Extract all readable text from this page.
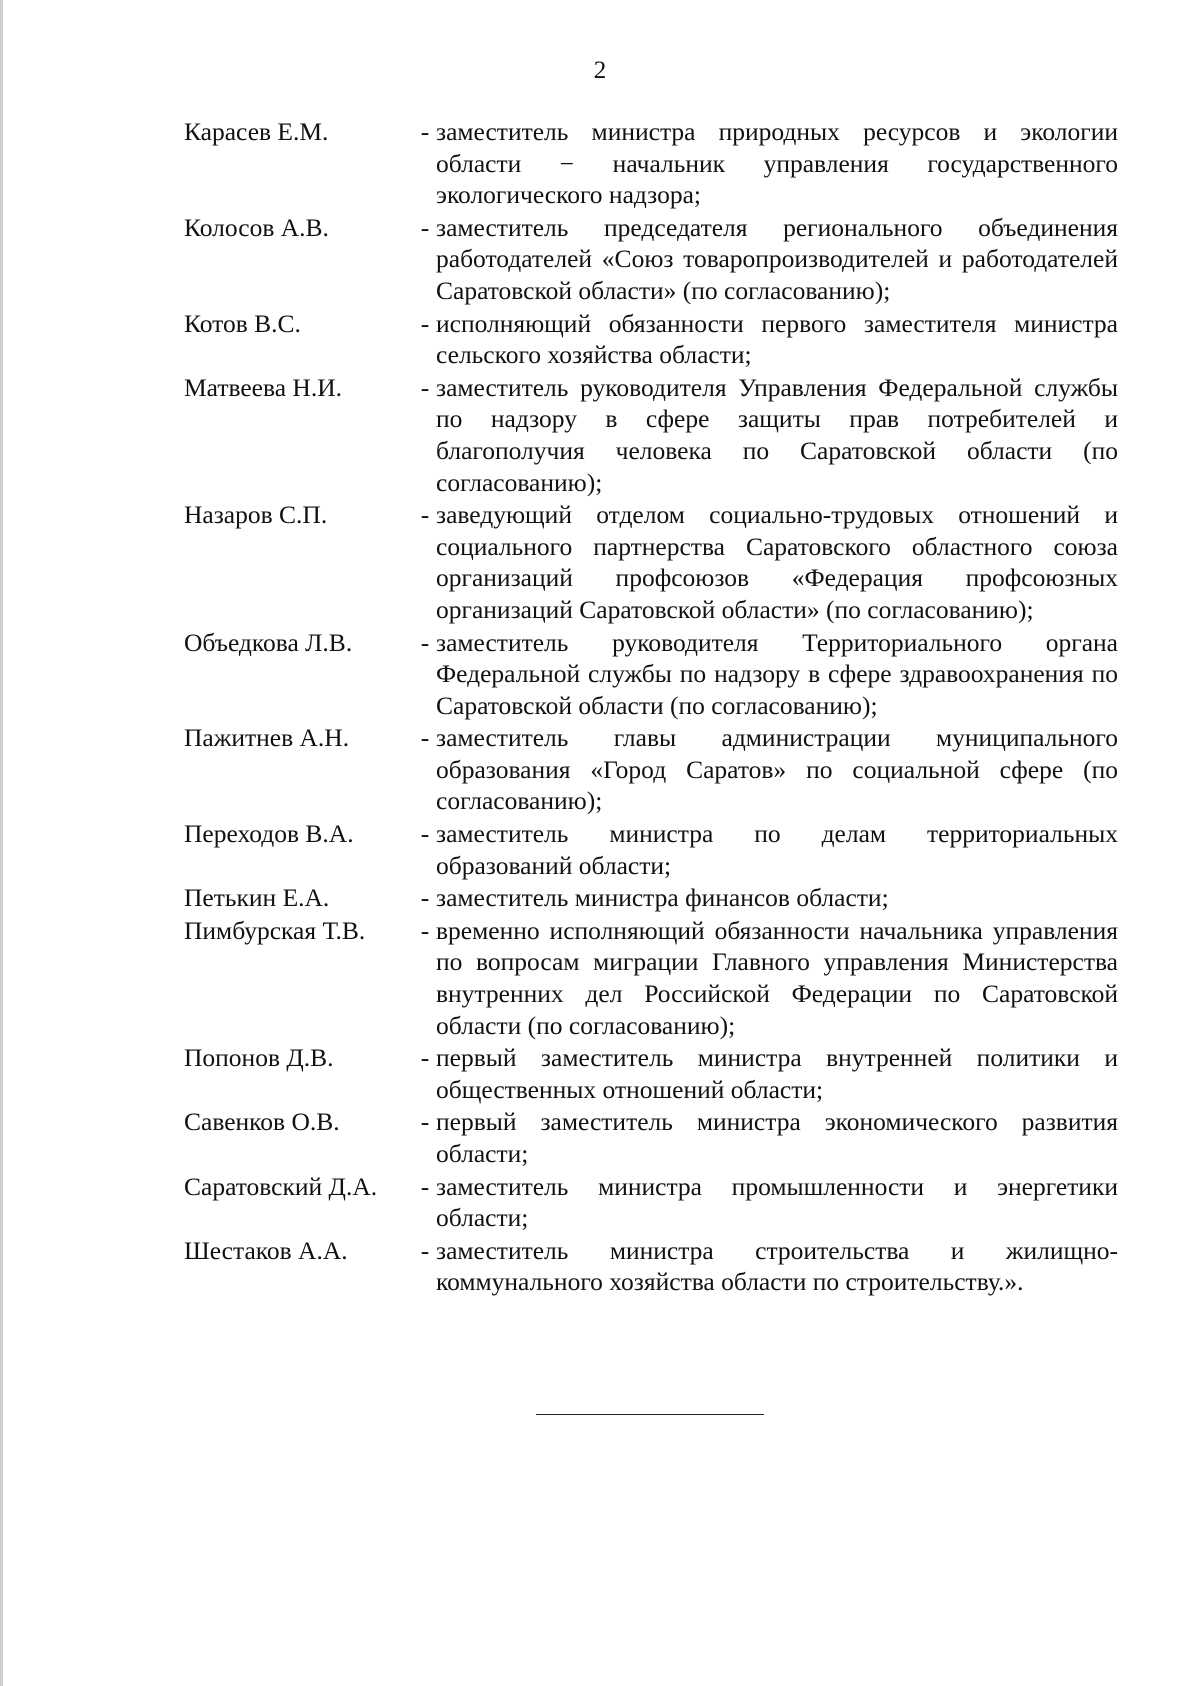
2
Карасев Е.М.	- заместитель министра природных ресурсов и экологии области − начальник управления государственного экологического надзора;
Колосов А.В.	- заместитель председателя регионального объединения работодателей «Союз товаропроизводителей и работодателей Саратовской области» (по согласованию);
Котов В.С.	- исполняющий обязанности первого заместителя министра сельского хозяйства области;
Матвеева Н.И.	- заместитель руководителя Управления Федеральной службы по надзору в сфере защиты прав потребителей и благополучия человека по Саратовской области (по согласованию);
Назаров С.П.	- заведующий отделом социально-трудовых отношений и социального партнерства Саратовского областного союза организаций профсоюзов «Федерация профсоюзных организаций Саратовской области» (по согласованию);
Объедкова Л.В.	- заместитель руководителя Территориального органа Федеральной службы по надзору в сфере здравоохранения по Саратовской области (по согласованию);
Пажитнев А.Н.	- заместитель главы администрации муниципального образования «Город Саратов» по социальной сфере (по согласованию);
Переходов В.А.	- заместитель министра по делам территориальных образований области;
Петькин Е.А.	- заместитель министра финансов области;
Пимбурская Т.В.	- временно исполняющий обязанности начальника управления по вопросам миграции Главного управления Министерства внутренних дел Российской Федерации по Саратовской области (по согласованию);
Попонов Д.В.	- первый заместитель министра внутренней политики и общественных отношений области;
Савенков О.В.	- первый заместитель министра экономического развития области;
Саратовский Д.А.	- заместитель министра промышленности и энергетики области;
Шестаков А.А.	- заместитель министра строительства и жилищно-коммунального хозяйства области по строительству.».
